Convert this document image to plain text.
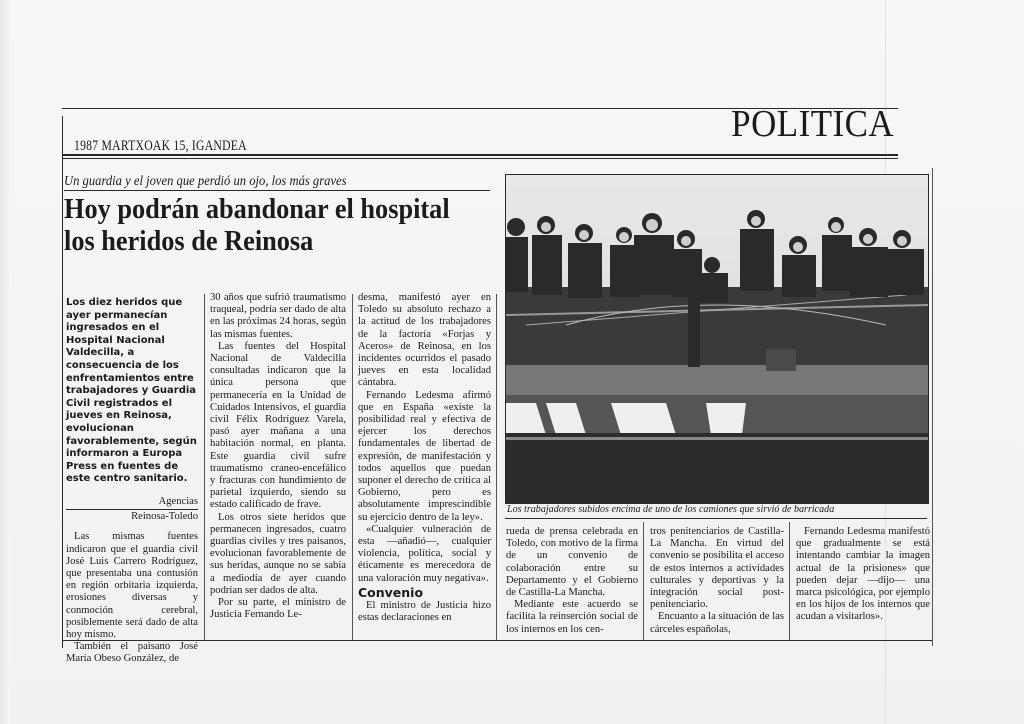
1987 MARTXOAK 15, IGANDEA
POLITICA
Un guardia y el joven que perdió un ojo, los más graves
Hoy podrán abandonar el hospital los heridos de Reinosa
Los diez heridos que ayer permanecían ingresados en el Hospital Nacional Valdecilla, a consecuencia de los enfrentamientos entre trabajadores y Guardia Civil registrados el jueves en Reinosa, evolucionan favorablemente, según informaron a Europa Press en fuentes de este centro sanitario.
Agencias
Reinosa-Toledo

Las mismas fuentes indicaron que el guardia civil José Luis Carrero Rodríguez, que presentaba una contusión en región orbitaria izquierda, erosiones diversas y conmoción cerebral, posiblemente será dado de alta hoy mismo.

También el paisano José María Obeso González, de

30 años que sufrió traumatismo traqueal, podría ser dado de alta en las próximas 24 horas, según las mismas fuentes.

Las fuentes del Hospital Nacional de Valdecilla consultadas indicaron que la única persona que permanecería en la Unidad de Cuidados Intensivos, el guardia civil Félix Rodríguez Varela, pasó ayer mañana a una habitación normal, en planta. Este guardia civil sufre traumatismo craneo-encefálico y fracturas con hundimiento de parietal izquierdo, siendo su estado calificado de frave.

Los otros siete heridos que permanecen ingresados, cuatro guardias civiles y tres paisanos, evolucionan favorablemente de sus heridas, aunque no se sabía a mediodía de ayer cuando podrían ser dados de alta.

Por su parte, el ministro de Justicia Fernando Le-

desma, manifestó ayer en Toledo su absoluto rechazo a la actitud de los trabajadores de la factoría «Forjas y Aceros» de Reinosa, en los incidentes ocurridos el pasado jueves en esta localidad cántabra.

Fernando Ledesma afirmó que en España «existe la posibilidad real y efectiva de ejercer los derechos fundamentales de libertad de expresión, de manifestación y todos aquellos que puedan suponer el derecho de crítica al Gobierno, pero es absolutamente imprescindible su ejercicio dentro de la ley».

«Cualquier vulneración de esta —añadió—, cualquier violencia, política, social y éticamente es merecedora de una valoración muy negativa».

Convenio

El ministro de Justicia hizo estas declaraciones en

Los trabajadores subidos encima de uno de los camiones que sirvió de barricada

rueda de prensa celebrada en Toledo, con motivo de la firma de un convenio de colaboración entre su Departamento y el Gobierno de Castilla-La Mancha.

Mediante este acuerdo se facilita la reinserción social de los internos en los cen-

tros penitenciarios de Castilla-La Mancha. En virtud del convenio se posibilita el acceso de estos internos a actividades culturales y deportivas y la integración social post-penitenciario.

Encuanto a la situación de las cárceles españolas,

Fernando Ledesma manifestó que gradualmente se está intentando cambiar la imagen actual de la prisiones» que pueden dejar —dijo— una marca psicológica, por ejemplo en los hijos de los internos que acudan a visitarlos».
